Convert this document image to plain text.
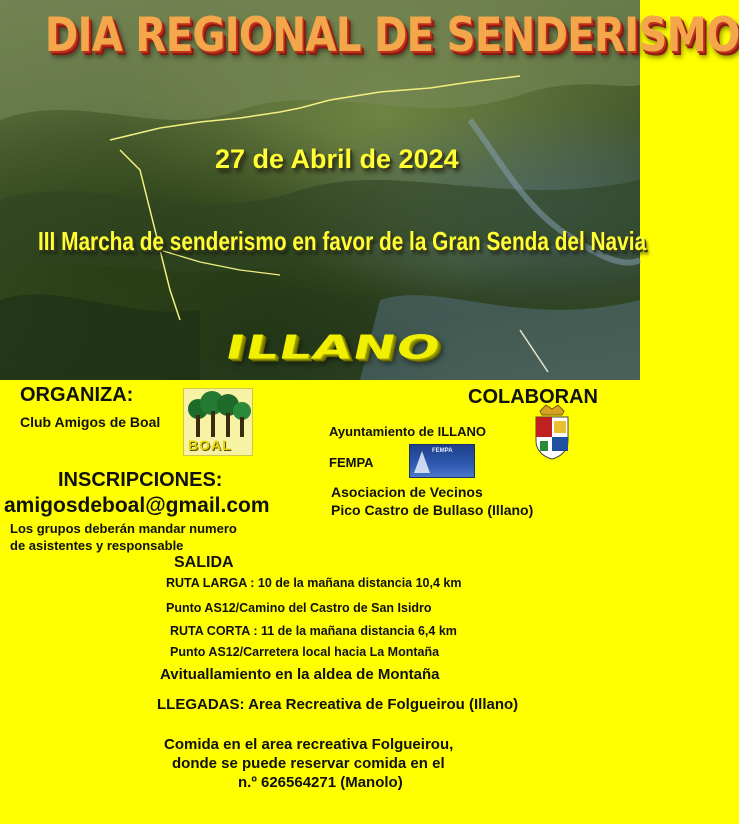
DIA REGIONAL DE SENDERISMO
27 de Abril de 2024
III Marcha de senderismo en favor de la Gran Senda del Navia
ILLANO
ORGANIZA:
Club Amigos de Boal
BOAL
COLABORAN
Ayuntamiento de ILLANO
FEMPA
FEMPA
Asociacion de Vecinos
Pico Castro de Bullaso (Illano)
INSCRIPCIONES:
amigosdeboal@gmail.com
Los grupos deberán mandar numero
de asistentes y responsable
SALIDA
RUTA LARGA : 10 de la mañana distancia 10,4 km
Punto AS12/Camino del Castro de San Isidro
RUTA CORTA : 11 de la mañana distancia 6,4 km
Punto AS12/Carretera local hacia La Montaña
Avituallamiento en la aldea de Montaña
LLEGADAS: Area Recreativa de Folgueirou (Illano)
Comida en el area recreativa Folgueirou,
donde se puede reservar comida en el
n.º 626564271 (Manolo)
